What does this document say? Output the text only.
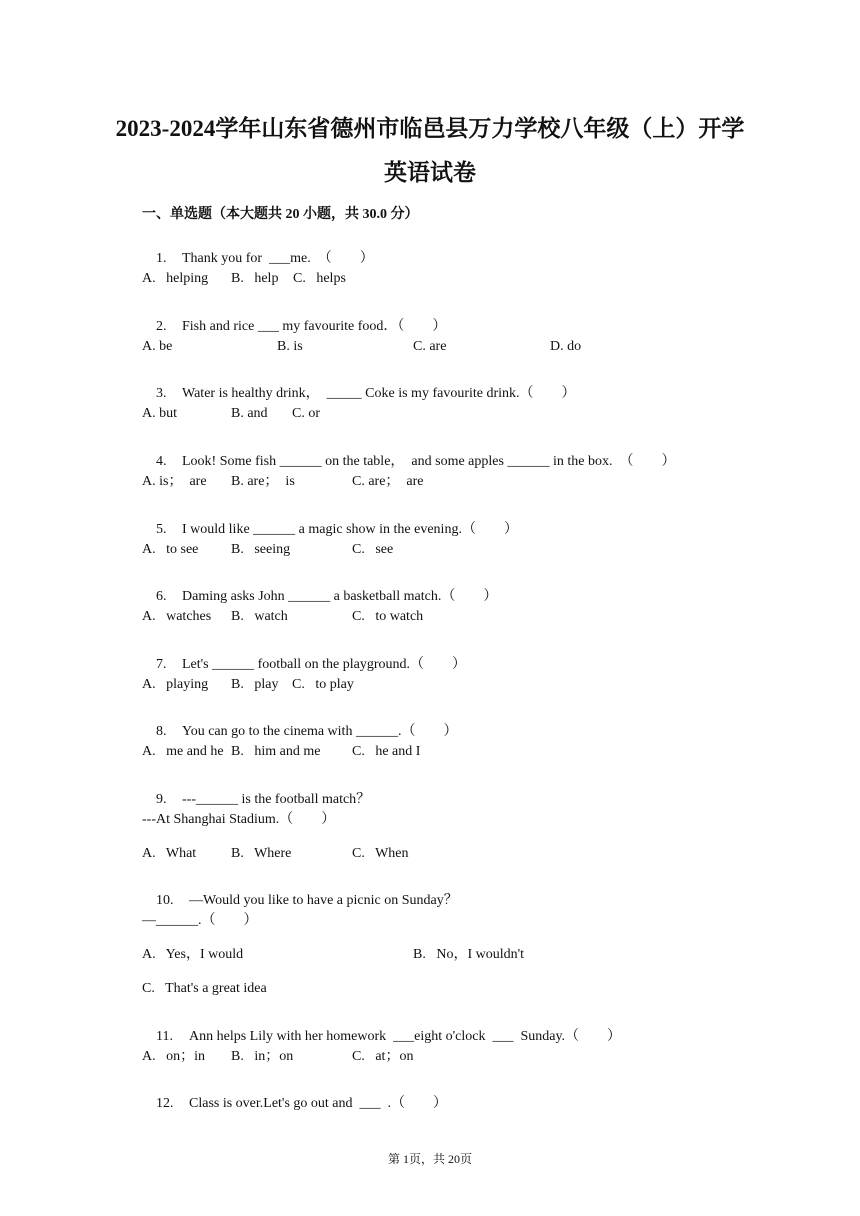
2023-2024学年山东省德州市临邑县万力学校八年级（上）开学
英语试卷
一、单选题（本大题共 20 小题，共 30.0 分）

1. Thank you for  ___me.  （        ）

A.   helping B.   help C.   helps

2. Fish and rice ___ my favourite food．（        ）

A. be	B. is	C. are	D. do

3. Water is healthy drink，  _____ Coke is my favourite drink.（        ）

A. but	B. and C. or

4. Look! Some fish ______ on the table，  and some apples ______ in the box.  （        ）

A. is；  are B. are；  is	C. are；  are

5. I would like ______ a magic show in the evening.（        ）

A.   to see B.   seeing	C.   see

6. Daming asks John ______ a basketball match.（        ）

A.   watches B.   watch	C.   to watch

7. Let's ______ football on the playground.（        ）

A.   playing B.   play C.   to play

8. You can go to the cinema with ______.（        ）

A.   me and he B.   him and me C.   he and I

9. ---______ is the football match？

---At Shanghai Stadium.（        ）
A.   What B.   Where	C.   When

10. —Would you like to have a picnic on Sunday？

—______.（        ）
A.   Yes，I would	B.   No，I wouldn't
C.   That's a great idea

11. Ann helps Lily with her homework  ___eight o'clock  ___  Sunday.（        ）

A.   on；in B.   in；on	C.   at；on

12. Class is over.Let's go out and  ___  .（        ）

第 1页，共 20页
